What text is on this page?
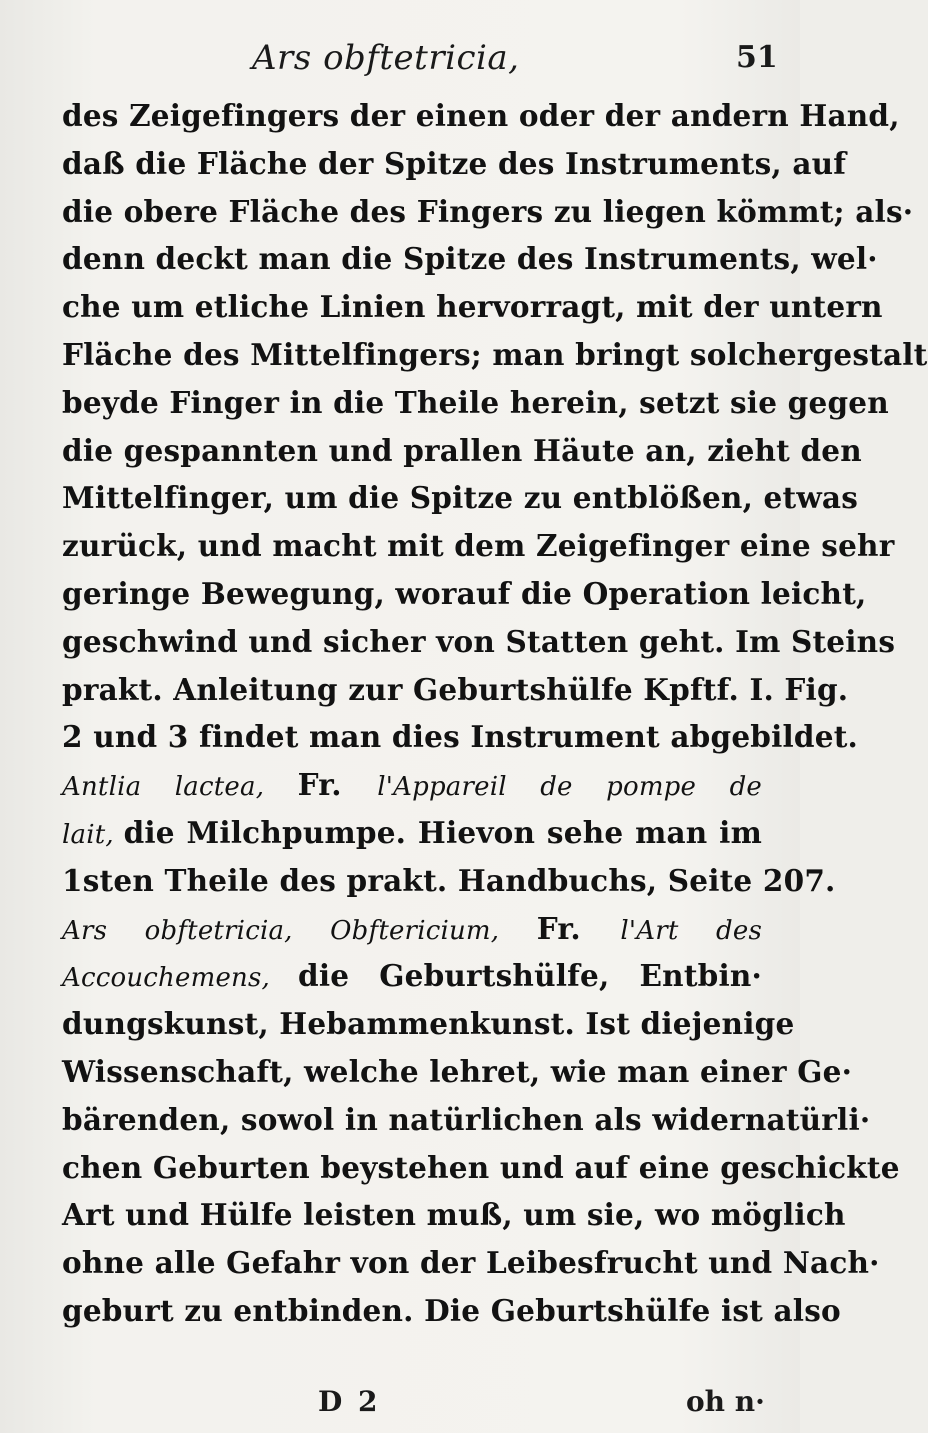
Ars obftetricia,	51
des Zeigefingers der einen oder der andern Hand,
daß die Fläche der Spitze des Instruments, auf
die obere Fläche des Fingers zu liegen kömmt; als·
denn deckt man die Spitze des Instruments, wel·
che um etliche Linien hervorragt, mit der untern
Fläche des Mittelfingers; man bringt solchergestalt
beyde Finger in die Theile herein, setzt sie gegen
die gespannten und prallen Häute an, zieht den
Mittelfinger, um die Spitze zu entblößen, etwas
zurück, und macht mit dem Zeigefinger eine sehr
geringe Bewegung, worauf die Operation leicht,
geschwind und sicher von Statten geht. Im Steins
prakt. Anleitung zur Geburtshülfe Kpftf. I. Fig.
2 und 3 findet man dies Instrument abgebildet.
Antlia lactea, Fr. l'Appareil de pompe de
lait, die Milchpumpe. Hievon sehe man im
1sten Theile des prakt. Handbuchs, Seite 207.
Ars obftetricia, Obftericium, Fr. l'Art des
Accouchemens, die Geburtshülfe, Entbin·
dungskunst, Hebammenkunst. Ist diejenige
Wissenschaft, welche lehret, wie man einer Ge·
bärenden, sowol in natürlichen als widernatürli·
chen Geburten beystehen und auf eine geschickte
Art und Hülfe leisten muß, um sie, wo möglich
ohne alle Gefahr von der Leibesfrucht und Nach·
geburt zu entbinden. Die Geburtshülfe ist also
D 2	oh n·
